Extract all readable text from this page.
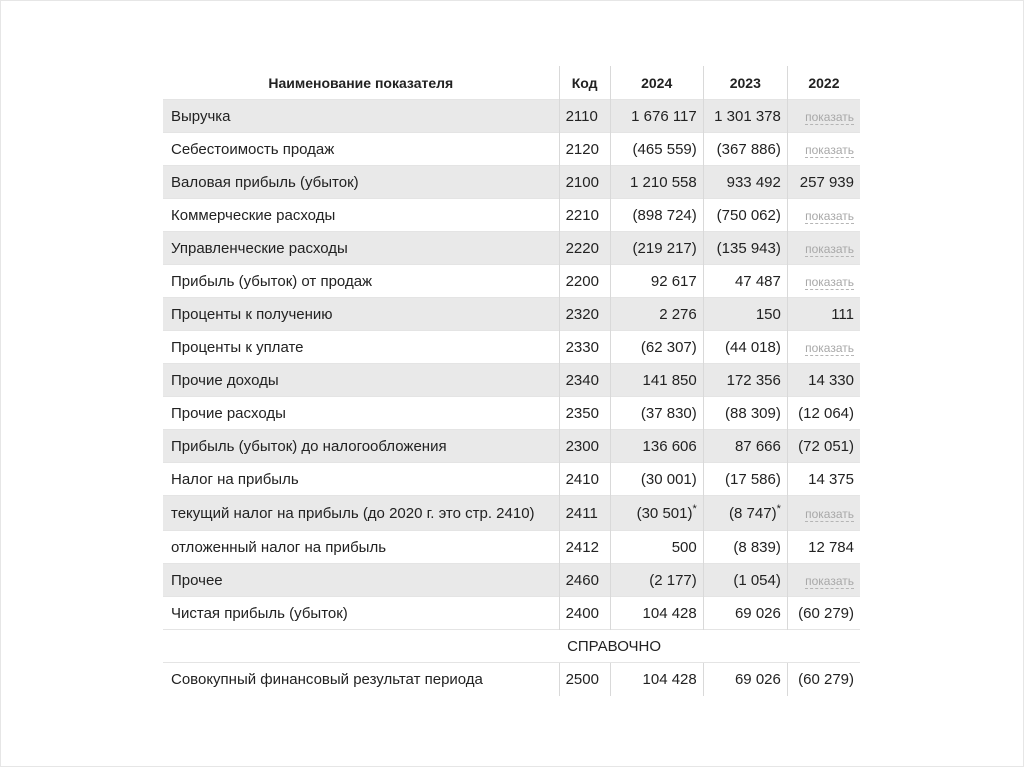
Наименование показателя	Код	2024	2023	2022
Выручка	2110	1 676 117	1 301 378	показать
Себестоимость продаж	2120	(465 559)	(367 886)	показать
Валовая прибыль (убыток)	2100	1 210 558	933 492	257 939
Коммерческие расходы	2210	(898 724)	(750 062)	показать
Управленческие расходы	2220	(219 217)	(135 943)	показать
Прибыль (убыток) от продаж	2200	92 617	47 487	показать
Проценты к получению	2320	2 276	150	111
Проценты к уплате	2330	(62 307)	(44 018)	показать
Прочие доходы	2340	141 850	172 356	14 330
Прочие расходы	2350	(37 830)	(88 309)	(12 064)
Прибыль (убыток) до налогообложения	2300	136 606	87 666	(72 051)
Налог на прибыль	2410	(30 001)	(17 586)	14 375
текущий налог на прибыль (до 2020 г. это стр. 2410)	2411	(30 501)*	(8 747)*	показать
отложенный налог на прибыль	2412	500	(8 839)	12 784
Прочее	2460	(2 177)	(1 054)	показать
Чистая прибыль (убыток)	2400	104 428	69 026	(60 279)
	СПРАВОЧНО			
Совокупный финансовый результат периода	2500	104 428	69 026	(60 279)
